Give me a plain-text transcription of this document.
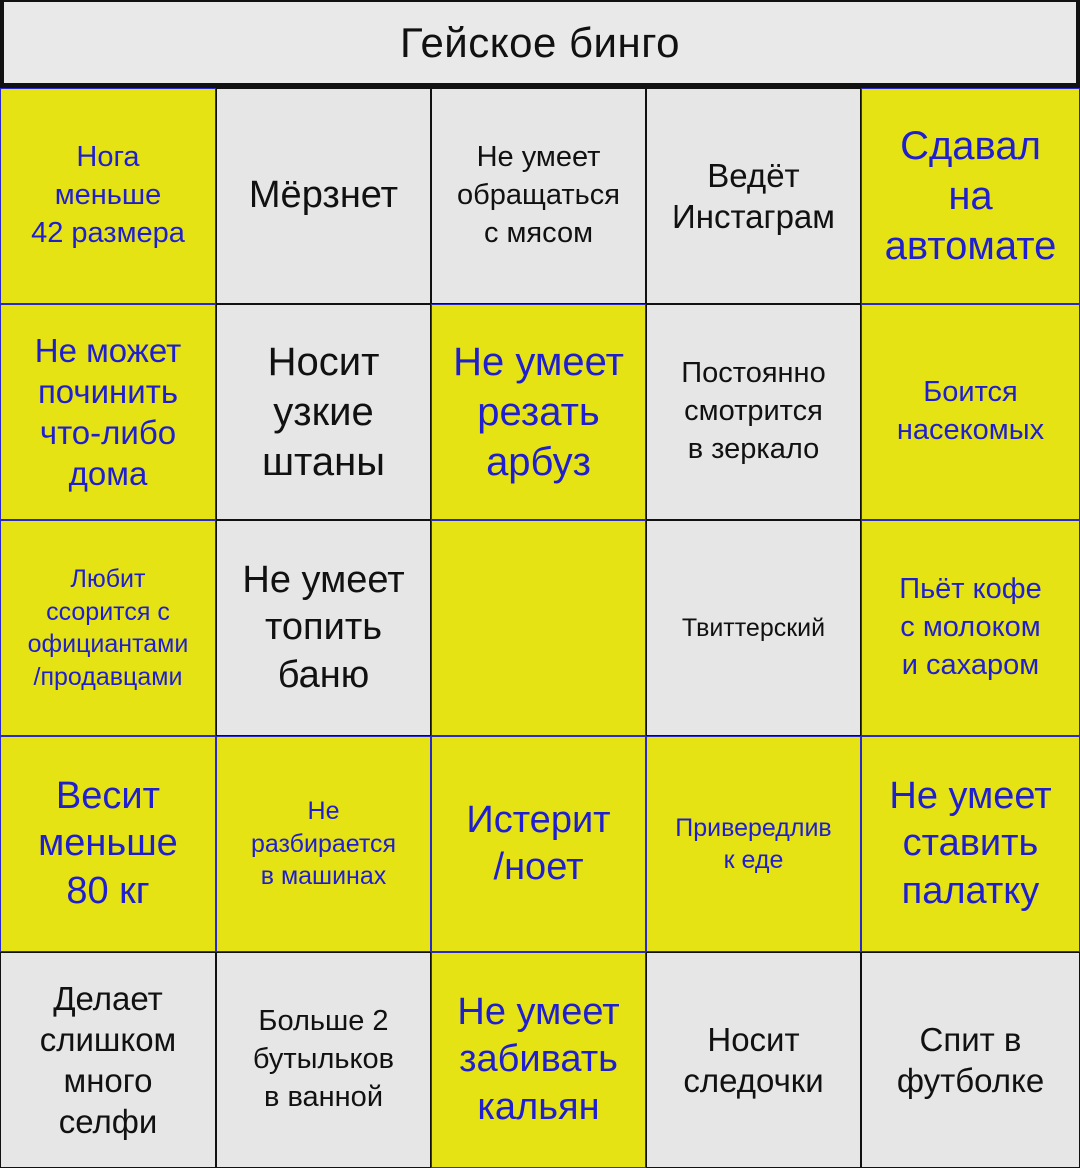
Гейское бинго
Нога
меньше
42 размера
Мёрзнет
Не умеет
обращаться
с мясом
Ведёт
Инстаграм
Сдавал
на
автомате
Не может
починить
что-либо
дома
Носит
узкие
штаны
Не умеет
резать
арбуз
Постоянно
смотрится
в зеркало
Боится
насекомых
Любит
ссорится с
официантами
/продавцами
Не умеет
топить
баню
Твиттерский
Пьёт кофе
с молоком
и сахаром
Весит
меньше
80 кг
Не
разбирается
в машинах
Истерит
/ноет
Привередлив
к еде
Не умеет
ставить
палатку
Делает
слишком
много
селфи
Больше 2
бутыльков
в ванной
Не умеет
забивать
кальян
Носит
следочки
Спит в
футболке
